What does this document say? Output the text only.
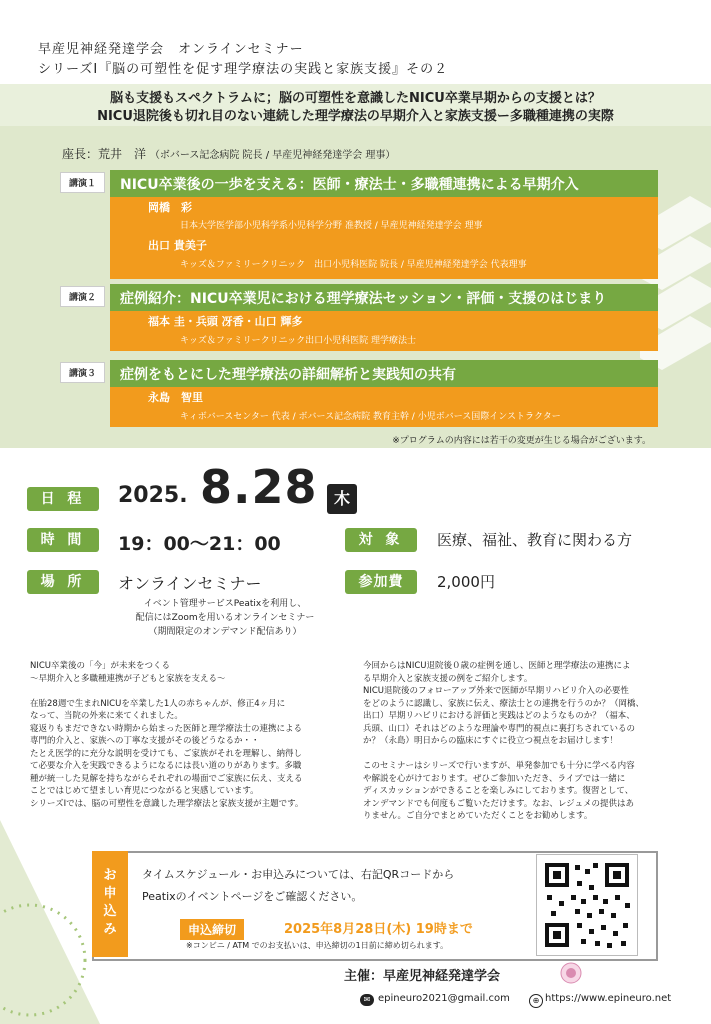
早産児神経発達学会　オンラインセミナー
シリーズⅠ『脳の可塑性を促す理学療法の実践と家族支援』その２
脳も支援もスペクトラムに；脳の可塑性を意識したNICU卒業早期からの支援とは？
NICU退院後も切れ目のない連続した理学療法の早期介入と家族支援ー多職種連携の実際
座長：荒井　洋 （ボバース記念病院 院長 / 早産児神経発達学会 理事）
講演１	NICU卒業後の一歩を支える：医師・療法士・多職種連携による早期介入
岡橋　彩
日本大学医学部小児科学系小児科学分野 准教授 / 早産児神経発達学会 理事
出口 貴美子
キッズ＆ファミリークリニック　出口小児科医院 院長 / 早産児神経発達学会 代表理事
講演２	症例紹介：NICU卒業児における理学療法セッション・評価・支援のはじまり
福本 圭・兵頭 冴香・山口 輝多
キッズ＆ファミリークリニック出口小児科医院 理学療法士
講演３	症例をもとにした理学療法の詳細解析と実践知の共有
永島　智里
キィボバースセンター 代表 / ボバース記念病院 教育主幹 / 小児ボバース国際インストラクター
※プログラムの内容には若干の変更が生じる場合がございます。
日 程	2025. 8.28	木
時 間	19：00〜21：00	対 象	医療、福祉、教育に関わる方
場 所	オンラインセミナー	参加費	2,000円
イベント管理サービスPeatixを利用し、
配信にはZoomを用いるオンラインセミナー
（期間限定のオンデマンド配信あり）
NICU卒業後の「今」が未来をつくる
〜早期介入と多職種連携が子どもと家族を支える〜

在胎28週で生まれNICUを卒業した1人の赤ちゃんが、修正4ヶ月に
なって、当院の外来に来てくれました。
寝返りもまだできない時期から始まった医師と理学療法士の連携による
専門的介入と、家族への丁寧な支援がその後どうなるか・・
たとえ医学的に充分な説明を受けても、ご家族がそれを理解し、納得し
て必要な介入を実践できるようになるには長い道のりがあります。多職
種が統一した見解を持ちながらそれぞれの場面でご家族に伝え、支える
ことではじめて望ましい育児につながると実感しています。
シリーズⅠでは、脳の可塑性を意識した理学療法と家族支援が主題です。
今回からはNICU退院後０歳の症例を通し、医師と理学療法の連携によ
る早期介入と家族支援の例をご紹介します。
NICU退院後のフォローアップ外来で医師が早期リハビリ介入の必要性
をどのように認識し、家族に伝え、療法士との連携を行うのか？（岡橋、
出口）早期リハビリにおける評価と実践はどのようなものか？（福本、
兵頭、山口）それはどのような理論や専門的視点に裏打ちされているの
か？（永島）明日からの臨床にすぐに役立つ視点をお届けします！

このセミナーはシリーズで行いますが、単発参加でも十分に学べる内容
や解説を心がけております。ぜひご参加いただき、ライブでは一緒に
ディスカッションができることを楽しみにしております。復習として、
オンデマンドでも何度もご覧いただけます。なお、レジュメの提供はあ
りません。ご自分でまとめていただくことをお勧めします。
お申込み
タイムスケジュール・お申込みについては、右記QRコードから
Peatixのイベントページをご確認ください。
申込締切	2025年8月28日(木) 19時まで
※コンビニ / ATM でのお支払いは、申込締切の1日前に締め切られます。
主催：早産児神経発達学会
✉ epineuro2021@gmail.com	⊕ https://www.epineuro.net
